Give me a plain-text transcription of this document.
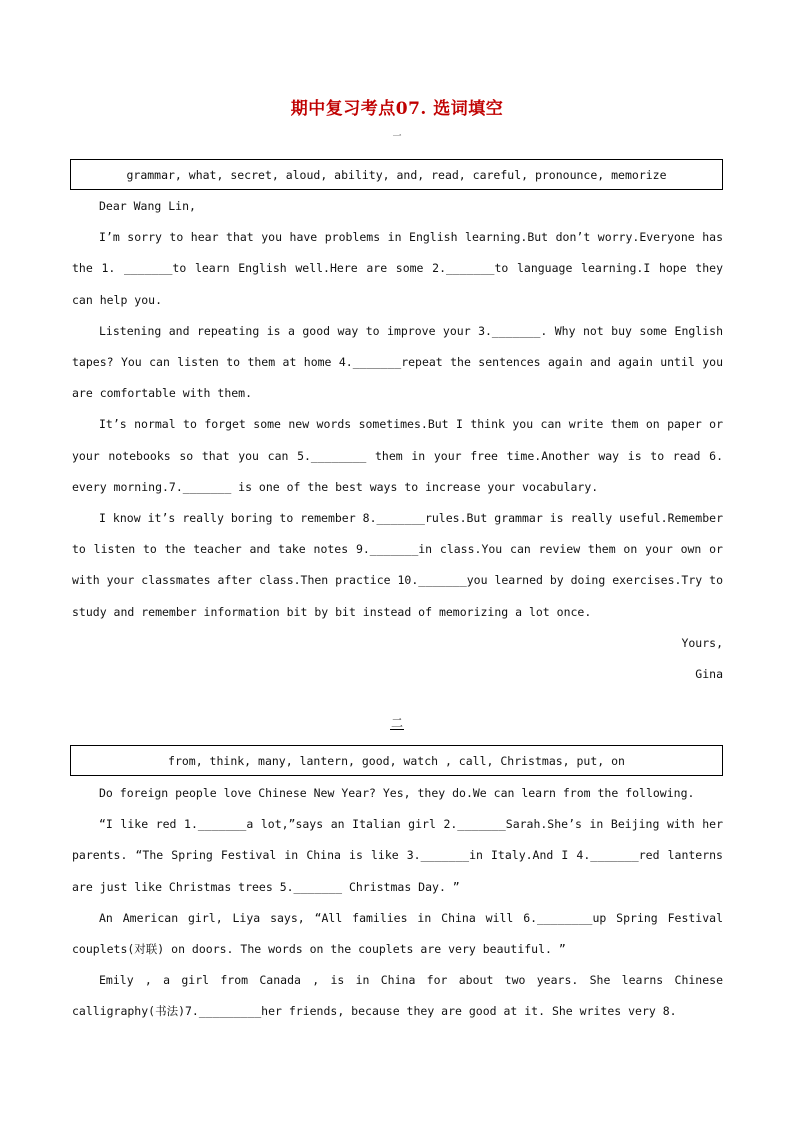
期中复习考点07. 选词填空
一
grammar, what, secret, aloud, ability, and, read, careful, pronounce, memorize

Dear Wang Lin,

I’m sorry to hear that you have problems in English learning.But don’t worry.Everyone has the 1. _______to learn English well.Here are some 2._______to language learning.I hope they can help you.

Listening and repeating is a good way to improve your 3._______. Why not buy some English tapes? You can listen to them at home 4._______repeat the sentences again and again until you are comfortable with them.

It’s normal to forget some new words sometimes.But I think you can write them on paper or your notebooks so that you can 5.________ them in your free time.Another way is to read 6. every morning.7._______ is one of the best ways to increase your vocabulary.

I know it’s really boring to remember 8._______rules.But grammar is really useful.Remember to listen to the teacher and take notes 9._______in class.You can review them on your own or with your classmates after class.Then practice 10._______you learned by doing exercises.Try to study and remember information bit by bit instead of memorizing a lot once.

Yours,

Gina

二
from, think, many, lantern, good, watch , call, Christmas, put, on

Do foreign people love Chinese New Year? Yes, they do.We can learn from the following.

“I like red 1._______a lot,”says an Italian girl 2._______Sarah.She’s in Beijing with her parents. “The Spring Festival in China is like 3._______in Italy.And I 4._______red lanterns are just like Christmas trees 5._______ Christmas Day. ”

An American girl, Liya says, “All families in China will 6.________up Spring Festival couplets(对联) on doors. The words on the couplets are very beautiful. ”

Emily , a girl from Canada , is in China for about two years. She learns Chinese calligraphy(书法)7._________her friends, because they are good at it. She writes very 8.
